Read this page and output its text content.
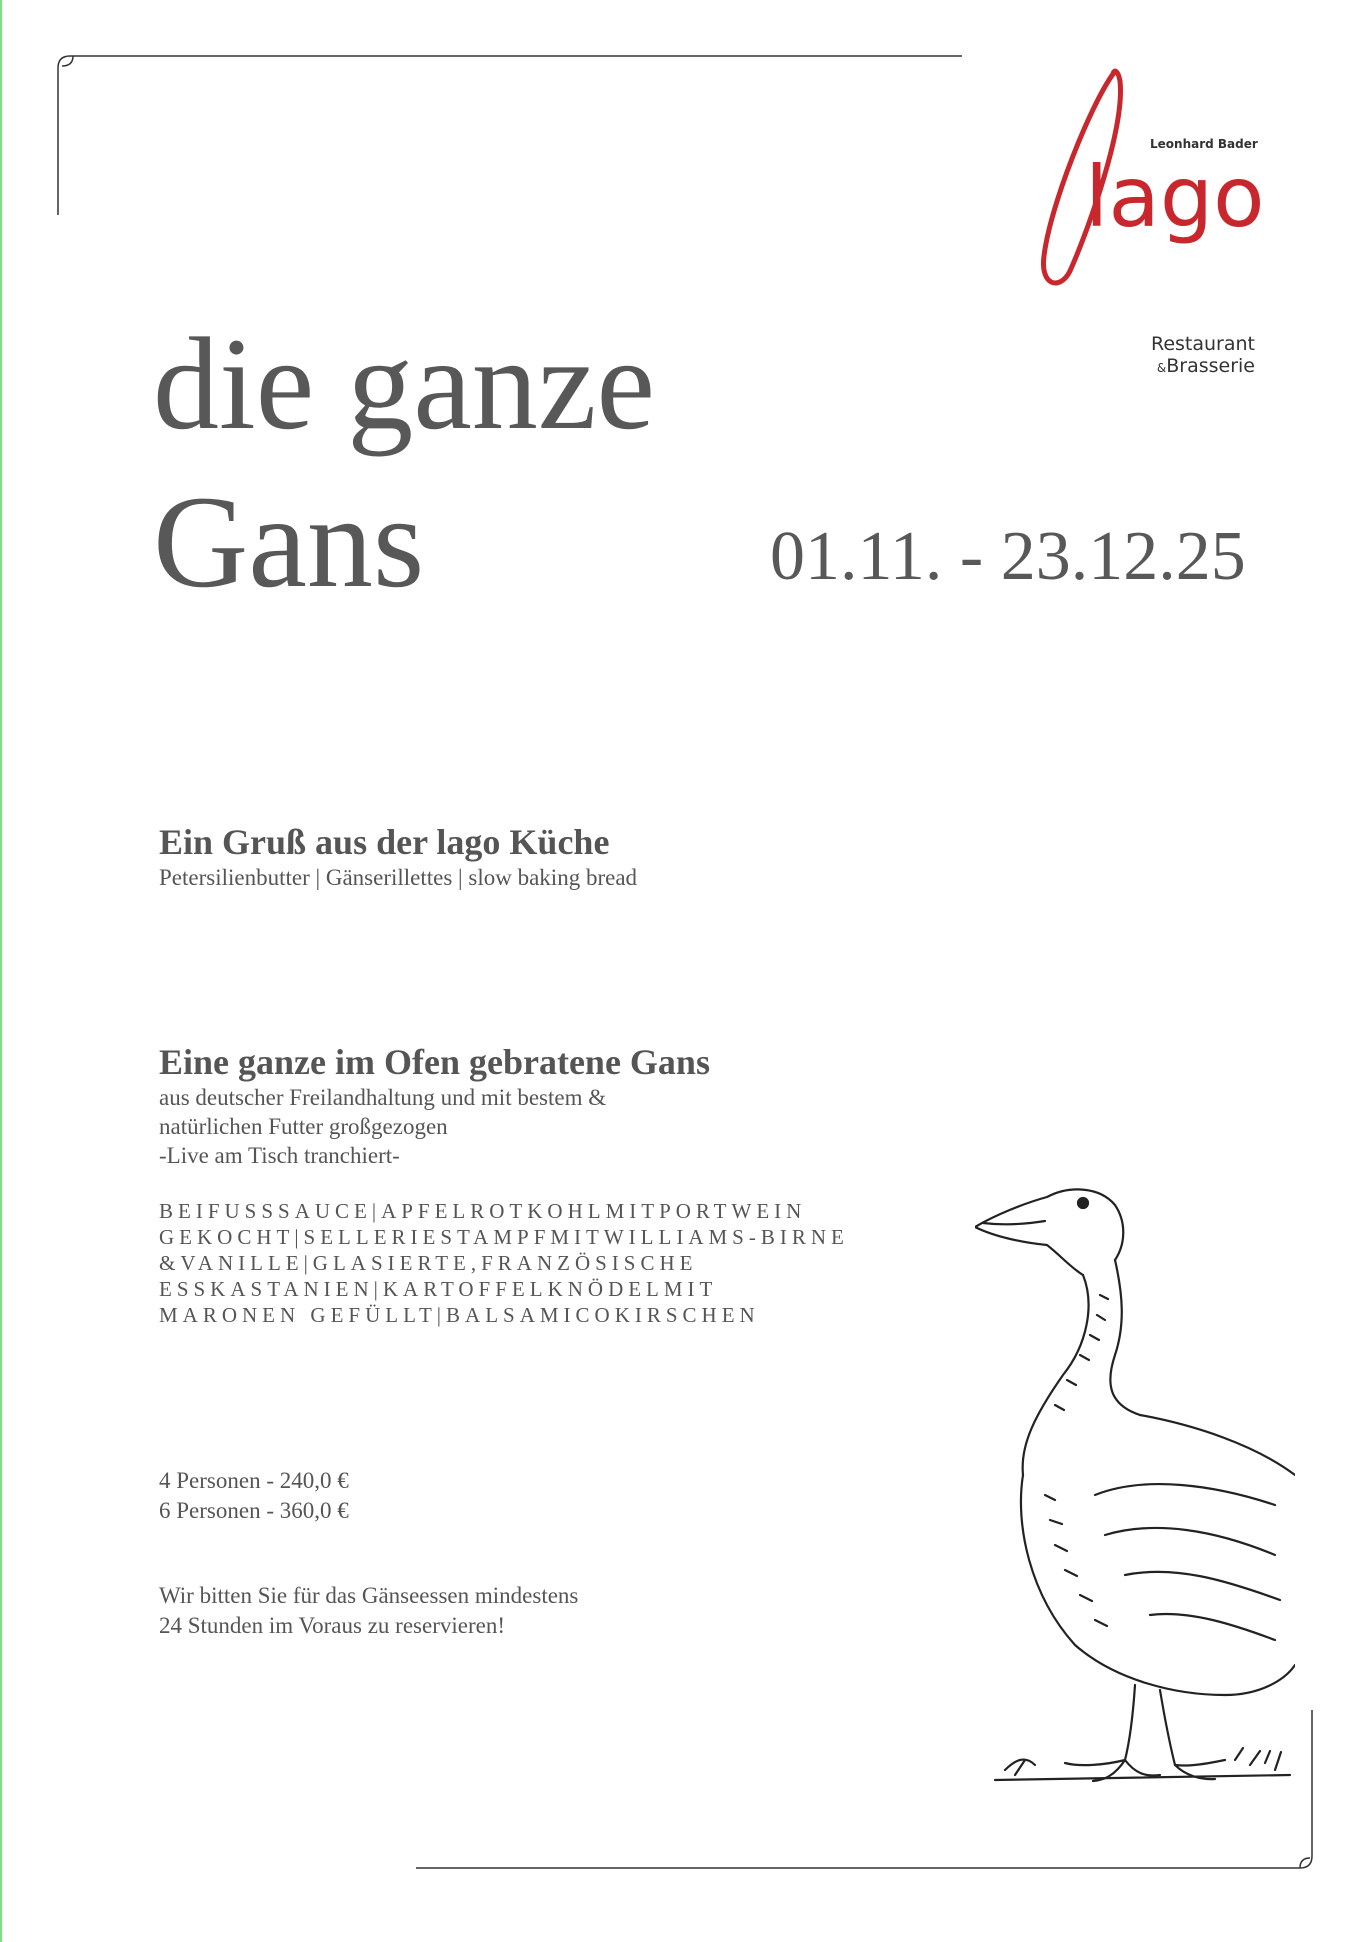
lago
Leonhard Bader
Restaurant
&Brasserie
die ganze
Gans	01.11. - 23.12.25
Ein Gruß aus der lago Küche
Petersilienbutter | Gänserillettes | slow baking bread
Eine ganze im Ofen gebratene Gans
aus deutscher Freilandhaltung und mit bestem &
natürlichen Futter großgezogen
-Live am Tisch tranchiert-
BEIFUSSSAUCE|APFELROTKOHLMITPORTWEIN
GEKOCHT|SELLERIESTAMPFMITWILLIAMS-BIRNE
&VANILLE|GLASIERTE,FRANZÖSISCHE
ESSKASTANIEN|KARTOFFELKNÖDELMIT
MARONEN GEFÜLLT|BALSAMICOKIRSCHEN
4 Personen - 240,0 €
6 Personen - 360,0 €
Wir bitten Sie für das Gänseessen mindestens
24 Stunden im Voraus zu reservieren!
